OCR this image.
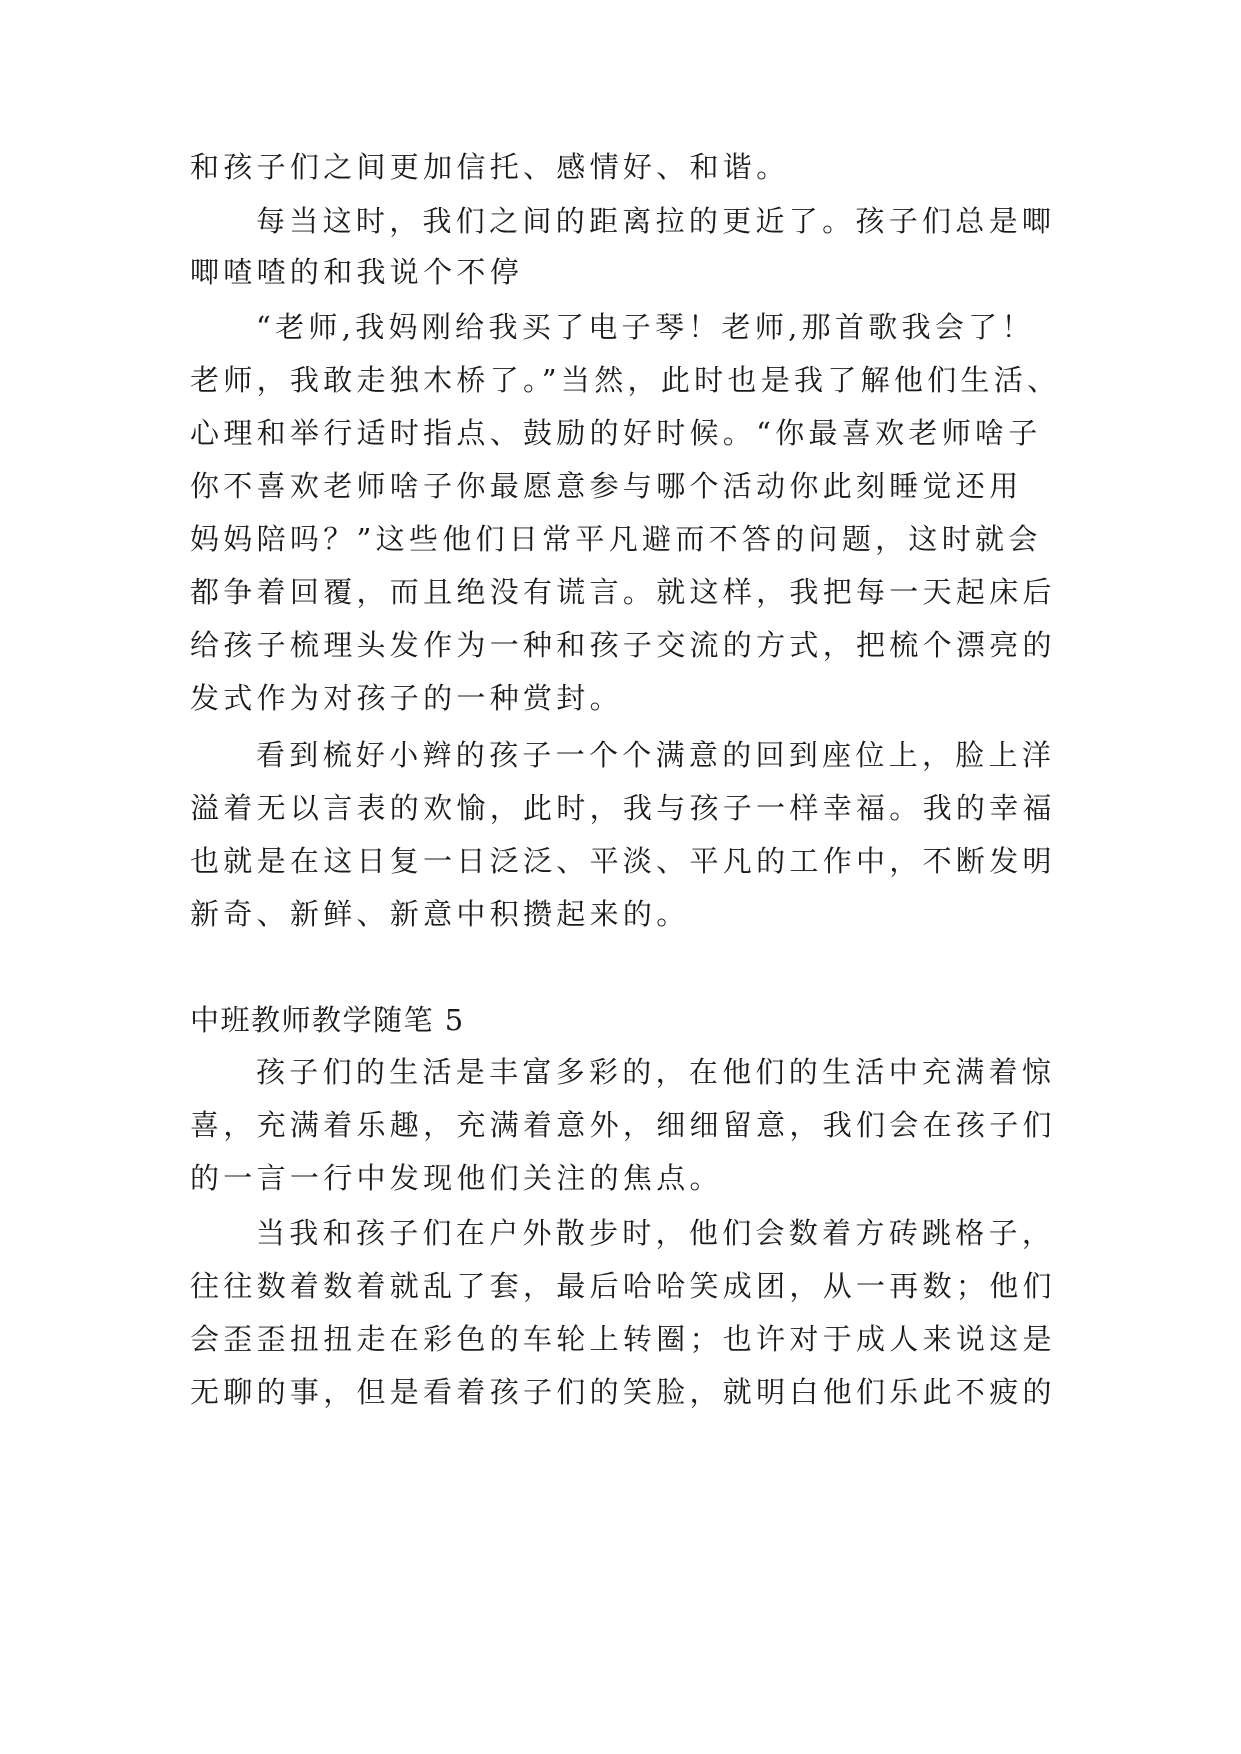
和孩子们之间更加信托、感情好、和谐。
每当这时，我们之间的距离拉的更近了。孩子们总是唧
唧喳喳的和我说个不停
“老师,我妈刚给我买了电子琴！老师,那首歌我会了！
老师，我敢走独木桥了。”当然，此时也是我了解他们生活、
心理和举行适时指点、鼓励的好时候。“你最喜欢老师啥子
你不喜欢老师啥子你最愿意参与哪个活动你此刻睡觉还用
妈妈陪吗？”这些他们日常平凡避而不答的问题，这时就会
都争着回覆，而且绝没有谎言。就这样，我把每一天起床后
给孩子梳理头发作为一种和孩子交流的方式，把梳个漂亮的
发式作为对孩子的一种赏封。
看到梳好小辫的孩子一个个满意的回到座位上，脸上洋
溢着无以言表的欢愉，此时，我与孩子一样幸福。我的幸福
也就是在这日复一日泛泛、平淡、平凡的工作中，不断发明
新奇、新鲜、新意中积攒起来的。
中班教师教学随笔 5
孩子们的生活是丰富多彩的，在他们的生活中充满着惊
喜，充满着乐趣，充满着意外，细细留意，我们会在孩子们
的一言一行中发现他们关注的焦点。
当我和孩子们在户外散步时，他们会数着方砖跳格子，
往往数着数着就乱了套，最后哈哈笑成团，从一再数；他们
会歪歪扭扭走在彩色的车轮上转圈；也许对于成人来说这是
无聊的事，但是看着孩子们的笑脸，就明白他们乐此不疲的
